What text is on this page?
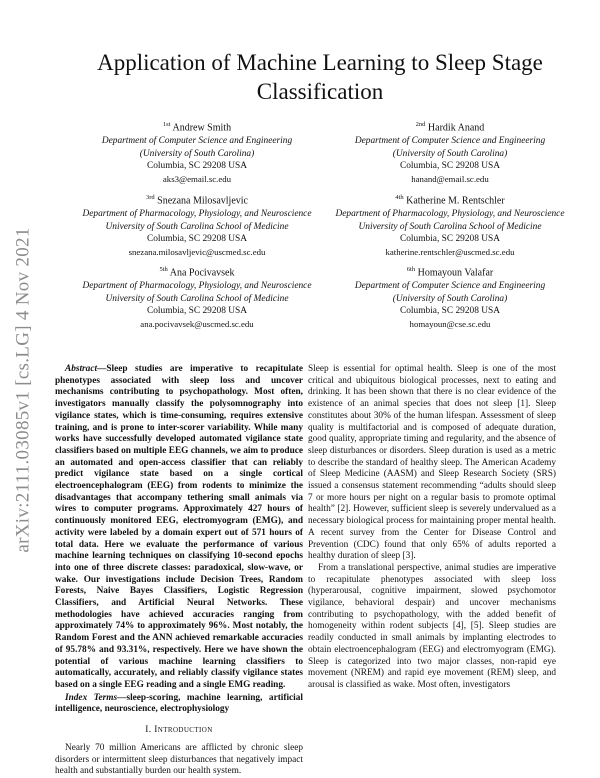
arXiv:2111.03085v1 [cs.LG] 4 Nov 2021
Application of Machine Learning to Sleep Stage Classification
$^{1st}$ Andrew Smith
Department of Computer Science and Engineering
(University of South Carolina)
Columbia, SC 29208 USA
aks3@email.sc.edu
$^{2nd}$ Hardik Anand
Department of Computer Science and Engineering
(University of South Carolina)
Columbia, SC 29208 USA
hanand@email.sc.edu
$^{3rd}$ Snezana Milosavljevic
Department of Pharmacology, Physiology, and Neuroscience
University of South Carolina School of Medicine
Columbia, SC 29208 USA
snezana.milosavljevic@uscmed.sc.edu
$^{4th}$ Katherine M. Rentschler
Department of Pharmacology, Physiology, and Neuroscience
University of South Carolina School of Medicine
Columbia, SC 29208 USA
katherine.rentschler@uscmed.sc.edu
$^{5th}$ Ana Pocivavsek
Department of Pharmacology, Physiology, and Neuroscience
University of South Carolina School of Medicine
Columbia, SC 29208 USA
ana.pocivavsek@uscmed.sc.edu
$^{6th}$ Homayoun Valafar
Department of Computer Science and Engineering
(University of South Carolina)
Columbia, SC 29208 USA
homayoun@cse.sc.edu

Abstract—Sleep studies are imperative to recapitulate phenotypes associated with sleep loss and uncover mechanisms contributing to psychopathology. Most often, investigators manually classify the polysomnography into vigilance states, which is time-consuming, requires extensive training, and is prone to inter-scorer variability. While many works have successfully developed automated vigilance state classifiers based on multiple EEG channels, we aim to produce an automated and open-access classifier that can reliably predict vigilance state based on a single cortical electroencephalogram (EEG) from rodents to minimize the disadvantages that accompany tethering small animals via wires to computer programs. Approximately 427 hours of continuously monitored EEG, electromyogram (EMG), and activity were labeled by a domain expert out of 571 hours of total data. Here we evaluate the performance of various machine learning techniques on classifying 10-second epochs into one of three discrete classes: paradoxical, slow-wave, or wake. Our investigations include Decision Trees, Random Forests, Naive Bayes Classifiers, Logistic Regression Classifiers, and Artificial Neural Networks. These methodologies have achieved accuracies ranging from approximately 74% to approximately 96%. Most notably, the Random Forest and the ANN achieved remarkable accuracies of 95.78% and 93.31%, respectively. Here we have shown the potential of various machine learning classifiers to automatically, accurately, and reliably classify vigilance states based on a single EEG reading and a single EMG reading.

Index Terms—sleep-scoring, machine learning, artificial intelligence, neuroscience, electrophysiology

I. Introduction

Nearly 70 million Americans are afflicted by chronic sleep disorders or intermittent sleep disturbances that negatively impact health and substantially burden our health system.

Sleep is essential for optimal health. Sleep is one of the most critical and ubiquitous biological processes, next to eating and drinking. It has been shown that there is no clear evidence of the existence of an animal species that does not sleep [1]. Sleep constitutes about 30% of the human lifespan. Assessment of sleep quality is multifactorial and is composed of adequate duration, good quality, appropriate timing and regularity, and the absence of sleep disturbances or disorders. Sleep duration is used as a metric to describe the standard of healthy sleep. The American Academy of Sleep Medicine (AASM) and Sleep Research Society (SRS) issued a consensus statement recommending “adults should sleep 7 or more hours per night on a regular basis to promote optimal health” [2]. However, sufficient sleep is severely undervalued as a necessary biological process for maintaining proper mental health. A recent survey from the Center for Disease Control and Prevention (CDC) found that only 65% of adults reported a healthy duration of sleep [3].

From a translational perspective, animal studies are imperative to recapitulate phenotypes associated with sleep loss (hyperarousal, cognitive impairment, slowed psychomotor vigilance, behavioral despair) and uncover mechanisms contributing to psychopathology, with the added benefit of homogeneity within rodent subjects [4], [5]. Sleep studies are readily conducted in small animals by implanting electrodes to obtain electroencephalogram (EEG) and electromyogram (EMG). Sleep is categorized into two major classes, non-rapid eye movement (NREM) and rapid eye movement (REM) sleep, and arousal is classified as wake. Most often, investigators
